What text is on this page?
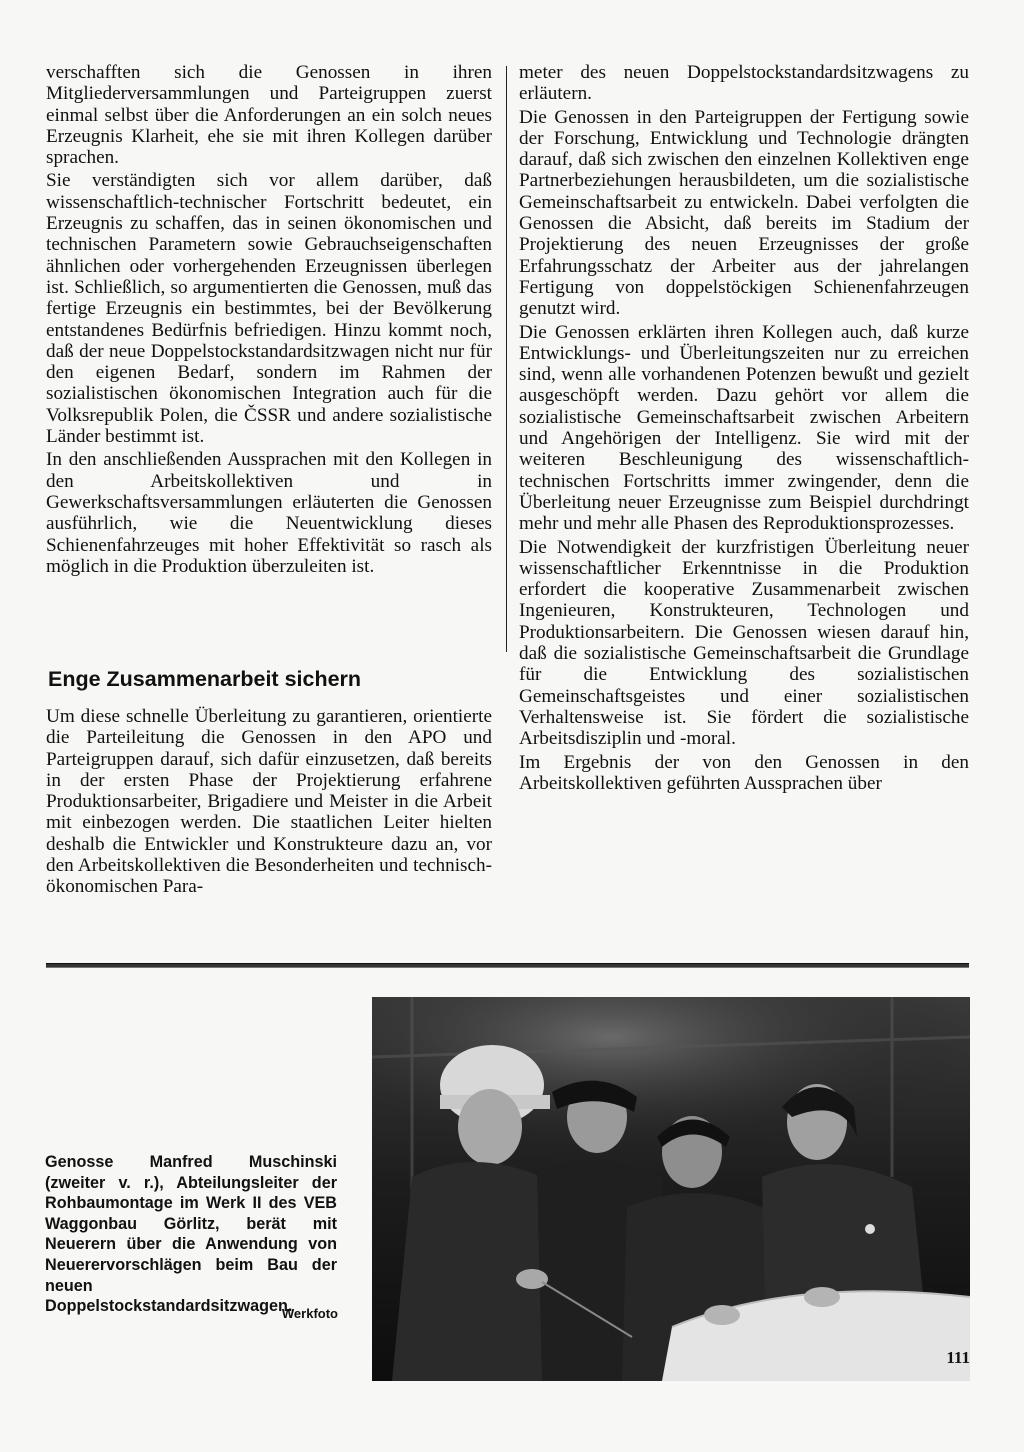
verschafften sich die Genossen in ihren Mitgliederversammlungen und Parteigruppen zuerst einmal selbst über die Anforderungen an ein solch neues Erzeugnis Klarheit, ehe sie mit ihren Kollegen darüber sprachen.

Sie verständigten sich vor allem darüber, daß wissenschaftlich-technischer Fortschritt bedeutet, ein Erzeugnis zu schaffen, das in seinen ökonomischen und technischen Parametern sowie Gebrauchseigenschaften ähnlichen oder vorhergehenden Erzeugnissen überlegen ist. Schließlich, so argumentierten die Genossen, muß das fertige Erzeugnis ein bestimmtes, bei der Bevölkerung entstandenes Bedürfnis befriedigen. Hinzu kommt noch, daß der neue Doppelstockstandardsitzwagen nicht nur für den eigenen Bedarf, sondern im Rahmen der sozialistischen ökonomischen Integration auch für die Volksrepublik Polen, die ČSSR und andere sozialistische Länder bestimmt ist.

In den anschließenden Aussprachen mit den Kollegen in den Arbeitskollektiven und in Gewerkschaftsversammlungen erläuterten die Genossen ausführlich, wie die Neuentwicklung dieses Schienenfahrzeuges mit hoher Effektivität so rasch als möglich in die Produktion überzuleiten ist.

Enge Zusammenarbeit sichern

Um diese schnelle Überleitung zu garantieren, orientierte die Parteileitung die Genossen in den APO und Parteigruppen darauf, sich dafür einzusetzen, daß bereits in der ersten Phase der Projektierung erfahrene Produktionsarbeiter, Brigadiere und Meister in die Arbeit mit einbezogen werden. Die staatlichen Leiter hielten deshalb die Entwickler und Konstrukteure dazu an, vor den Arbeitskollektiven die Besonderheiten und technisch-ökonomischen Para-

meter des neuen Doppelstockstandardsitzwagens zu erläutern.

Die Genossen in den Parteigruppen der Fertigung sowie der Forschung, Entwicklung und Technologie drängten darauf, daß sich zwischen den einzelnen Kollektiven enge Partnerbeziehungen herausbildeten, um die sozialistische Gemeinschaftsarbeit zu entwickeln. Dabei verfolgten die Genossen die Absicht, daß bereits im Stadium der Projektierung des neuen Erzeugnisses der große Erfahrungsschatz der Arbeiter aus der jahrelangen Fertigung von doppelstöckigen Schienenfahrzeugen genutzt wird.

Die Genossen erklärten ihren Kollegen auch, daß kurze Entwicklungs- und Überleitungszeiten nur zu erreichen sind, wenn alle vorhandenen Potenzen bewußt und gezielt ausgeschöpft werden. Dazu gehört vor allem die sozialistische Gemeinschaftsarbeit zwischen Arbeitern und Angehörigen der Intelligenz. Sie wird mit der weiteren Beschleunigung des wissenschaftlich-technischen Fortschritts immer zwingender, denn die Überleitung neuer Erzeugnisse zum Beispiel durchdringt mehr und mehr alle Phasen des Reproduktionsprozesses.

Die Notwendigkeit der kurzfristigen Überleitung neuer wissenschaftlicher Erkenntnisse in die Produktion erfordert die kooperative Zusammenarbeit zwischen Ingenieuren, Konstrukteuren, Technologen und Produktionsarbeitern. Die Genossen wiesen darauf hin, daß die sozialistische Gemeinschaftsarbeit die Grundlage für die Entwicklung des sozialistischen Gemeinschaftsgeistes und einer sozialistischen Verhaltensweise ist. Sie fördert die sozialistische Arbeitsdisziplin und -moral.

Im Ergebnis der von den Genossen in den Arbeitskollektiven geführten Aussprachen über

Genosse Manfred Muschinski (zweiter v. r.), Abteilungsleiter der Rohbaumontage im Werk II des VEB Waggonbau Görlitz, berät mit Neuerern über die Anwendung von Neuerervorschlägen beim Bau der neuen Doppelstockstandardsitzwagen.

Werkfoto
111
